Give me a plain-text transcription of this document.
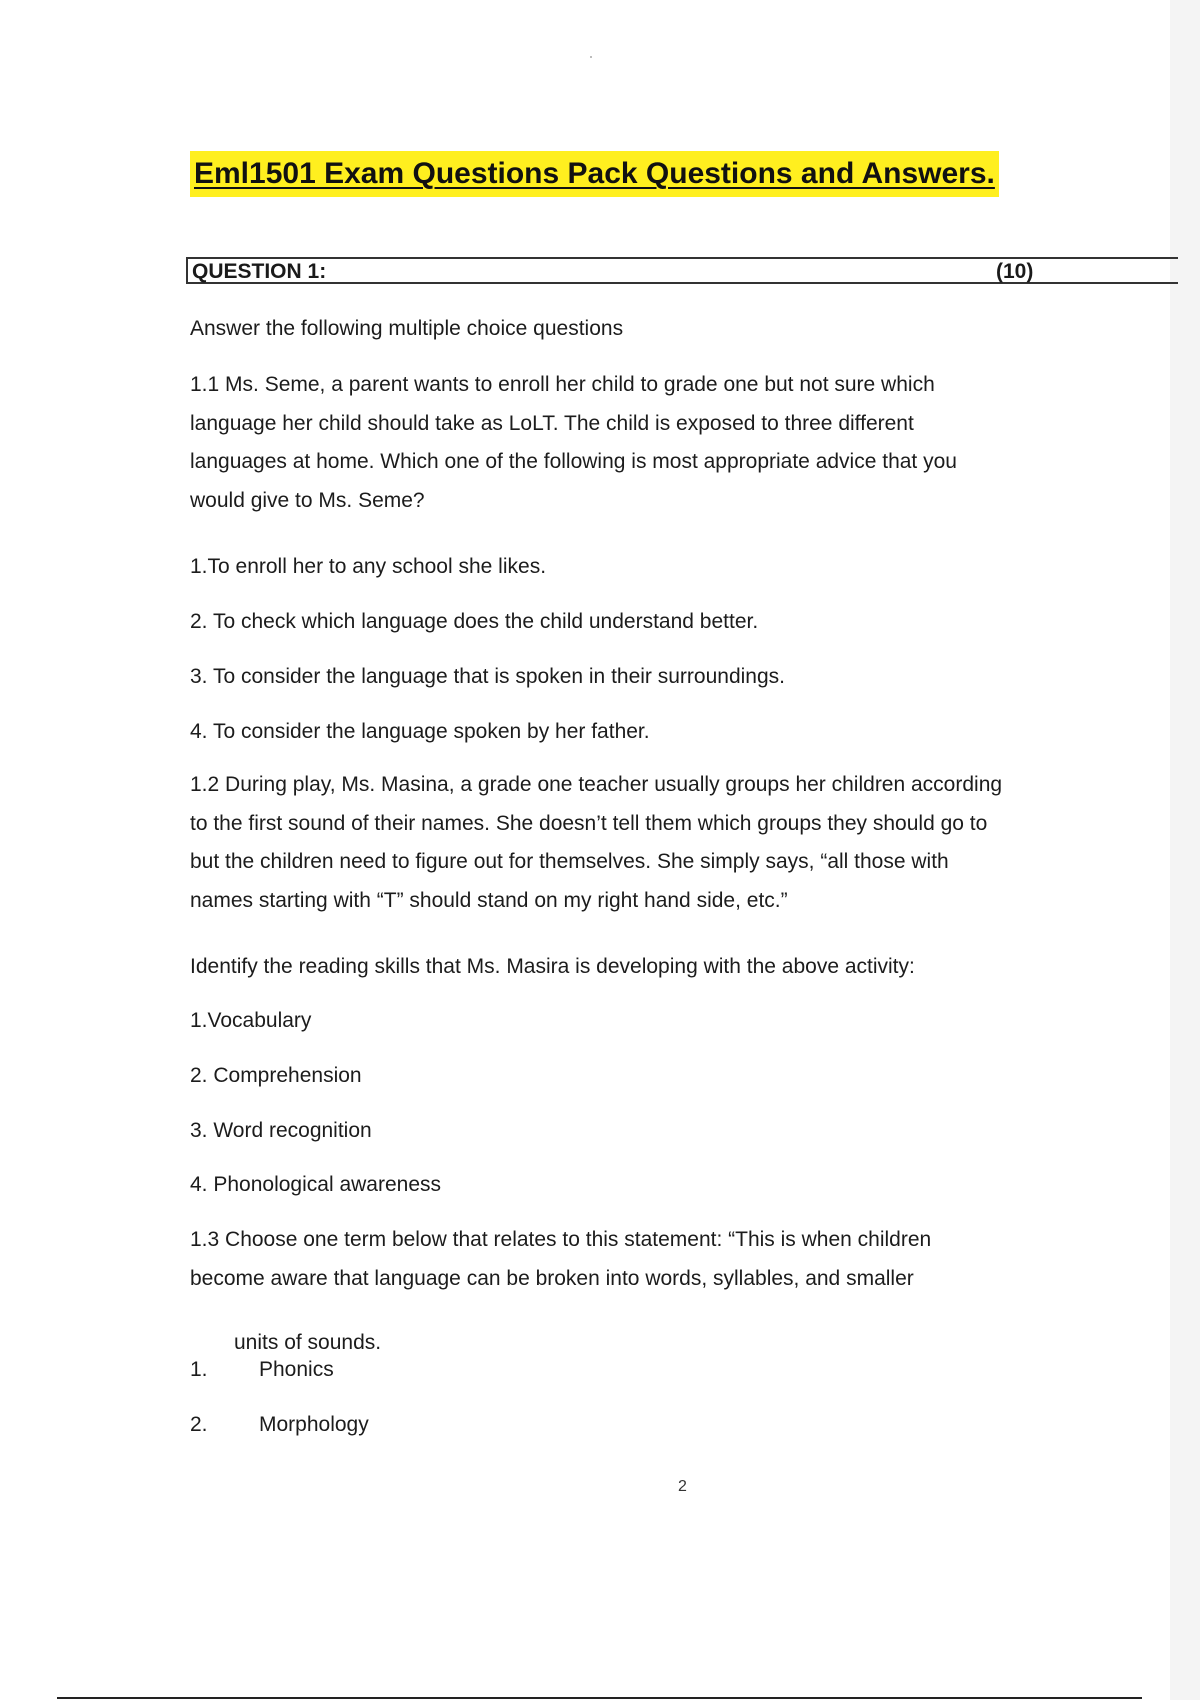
Eml1501 Exam Questions Pack Questions and Answers.
QUESTION 1:	(10)
Answer the following multiple choice questions
1.1 Ms. Seme, a parent wants to enroll her child to grade one but not sure which
language her child should take as LoLT. The child is exposed to three different
languages at home. Which one of the following is most appropriate advice that you
would give to Ms. Seme?
1.To enroll her to any school she likes.
2. To check which language does the child understand better.
3. To consider the language that is spoken in their surroundings.
4. To consider the language spoken by her father.
1.2 During play, Ms. Masina, a grade one teacher usually groups her children according
to the first sound of their names. She doesn’t tell them which groups they should go to
but the children need to figure out for themselves. She simply says, “all those with
names starting with “T” should stand on my right hand side, etc.”
Identify the reading skills that Ms. Masira is developing with the above activity:
1.Vocabulary
2. Comprehension
3. Word recognition
4. Phonological awareness
1.3 Choose one term below that relates to this statement: “This is when children
become aware that language can be broken into words, syllables, and smaller
units of sounds.
1. Phonics
2. Morphology
2
